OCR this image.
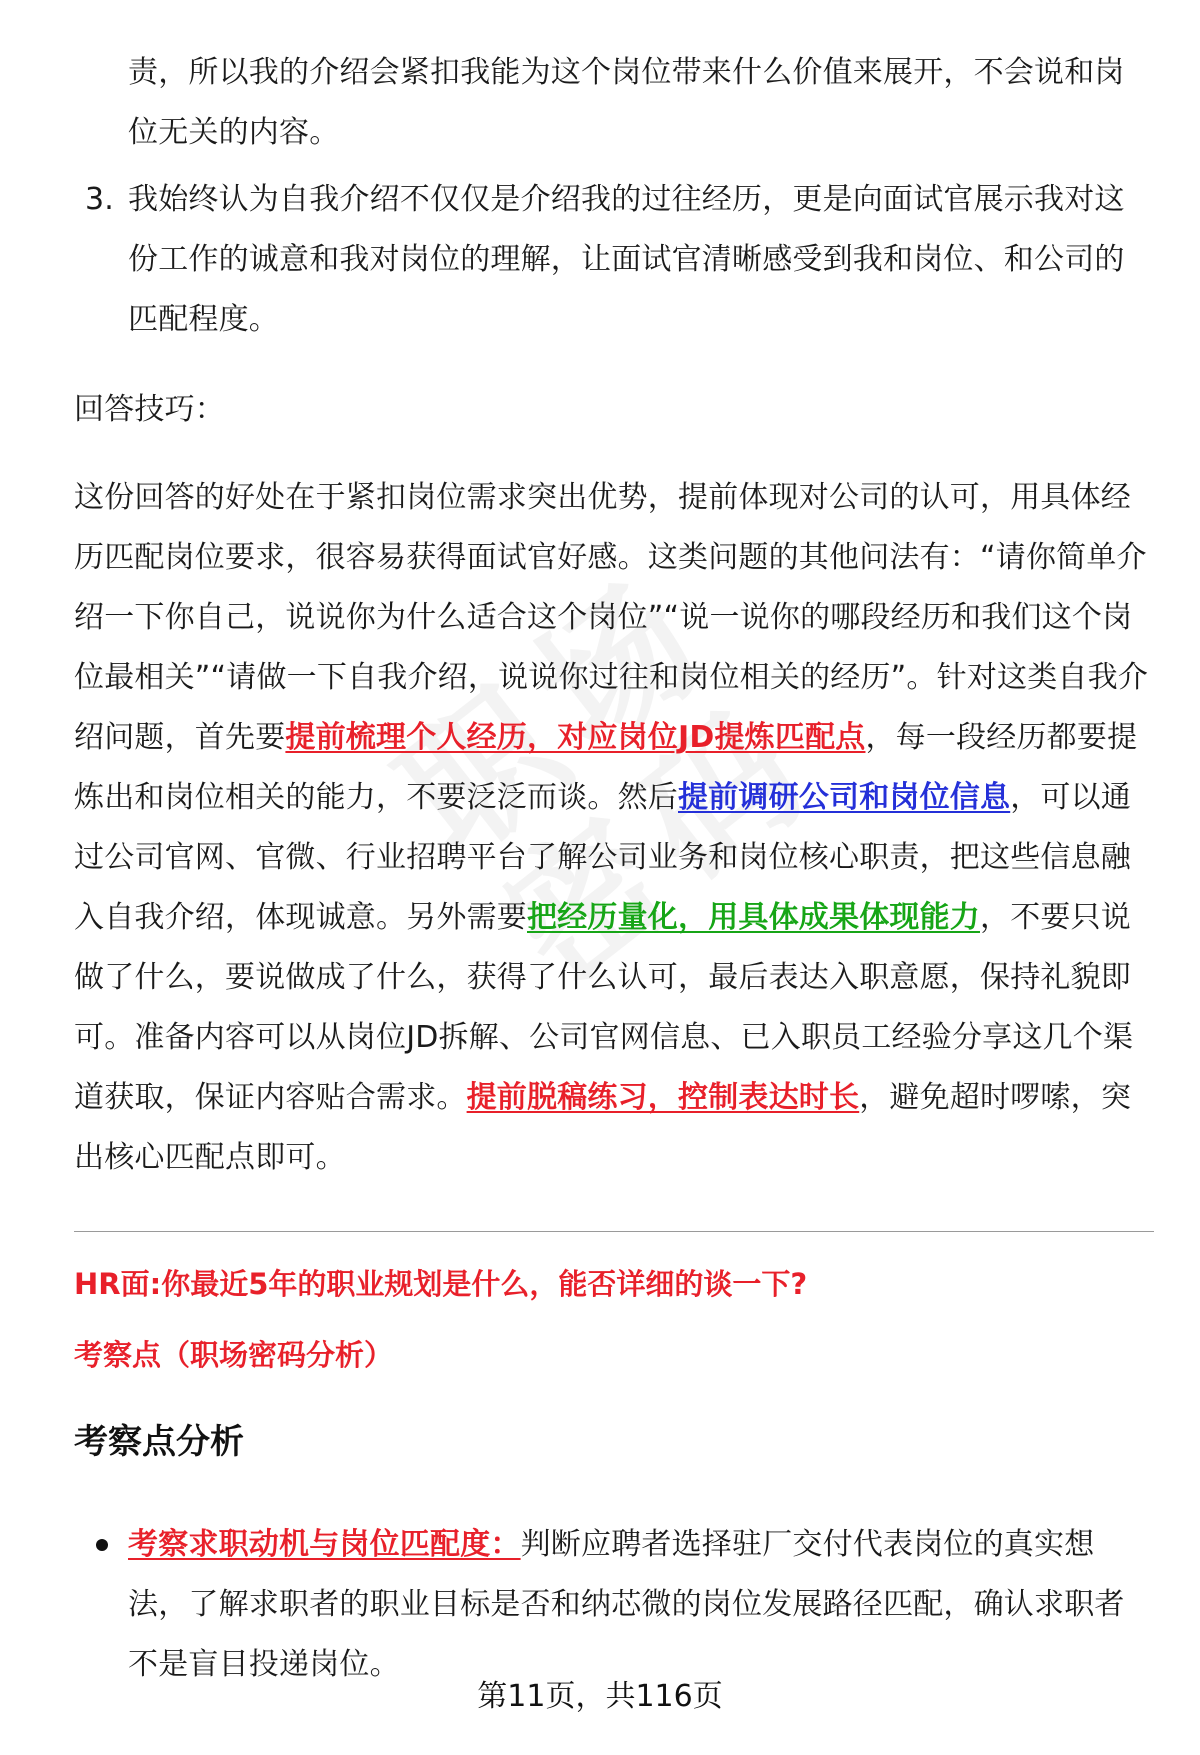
责，所以我的介绍会紧扣我能为这个岗位带来什么价值来展开，不会说和岗位无关的内容。
3. 我始终认为自我介绍不仅仅是介绍我的过往经历，更是向面试官展示我对这份工作的诚意和我对岗位的理解，让面试官清晰感受到我和岗位、和公司的匹配程度。
回答技巧：
这份回答的好处在于紧扣岗位需求突出优势，提前体现对公司的认可，用具体经历匹配岗位要求，很容易获得面试官好感。这类问题的其他问法有：“请你简单介绍一下你自己，说说你为什么适合这个岗位”“说一说你的哪段经历和我们这个岗位最相关”“请做一下自我介绍，说说你过往和岗位相关的经历”。针对这类自我介绍问题，首先要提前梳理个人经历，对应岗位JD提炼匹配点，每一段经历都要提炼出和岗位相关的能力，不要泛泛而谈。然后提前调研公司和岗位信息，可以通过公司官网、官微、行业招聘平台了解公司业务和岗位核心职责，把这些信息融入自我介绍，体现诚意。另外需要把经历量化，用具体成果体现能力，不要只说做了什么，要说做成了什么，获得了什么认可，最后表达入职意愿，保持礼貌即可。准备内容可以从岗位JD拆解、公司官网信息、已入职员工经验分享这几个渠道获取，保证内容贴合需求。提前脱稿练习，控制表达时长，避免超时啰嗦，突出核心匹配点即可。
HR面:你最近5年的职业规划是什么，能否详细的谈一下?
考察点（职场密码分析）
考察点分析
考察求职动机与岗位匹配度：判断应聘者选择驻厂交付代表岗位的真实想法，了解求职者的职业目标是否和纳芯微的岗位发展路径匹配，确认求职者不是盲目投递岗位。
第11页，共116页
